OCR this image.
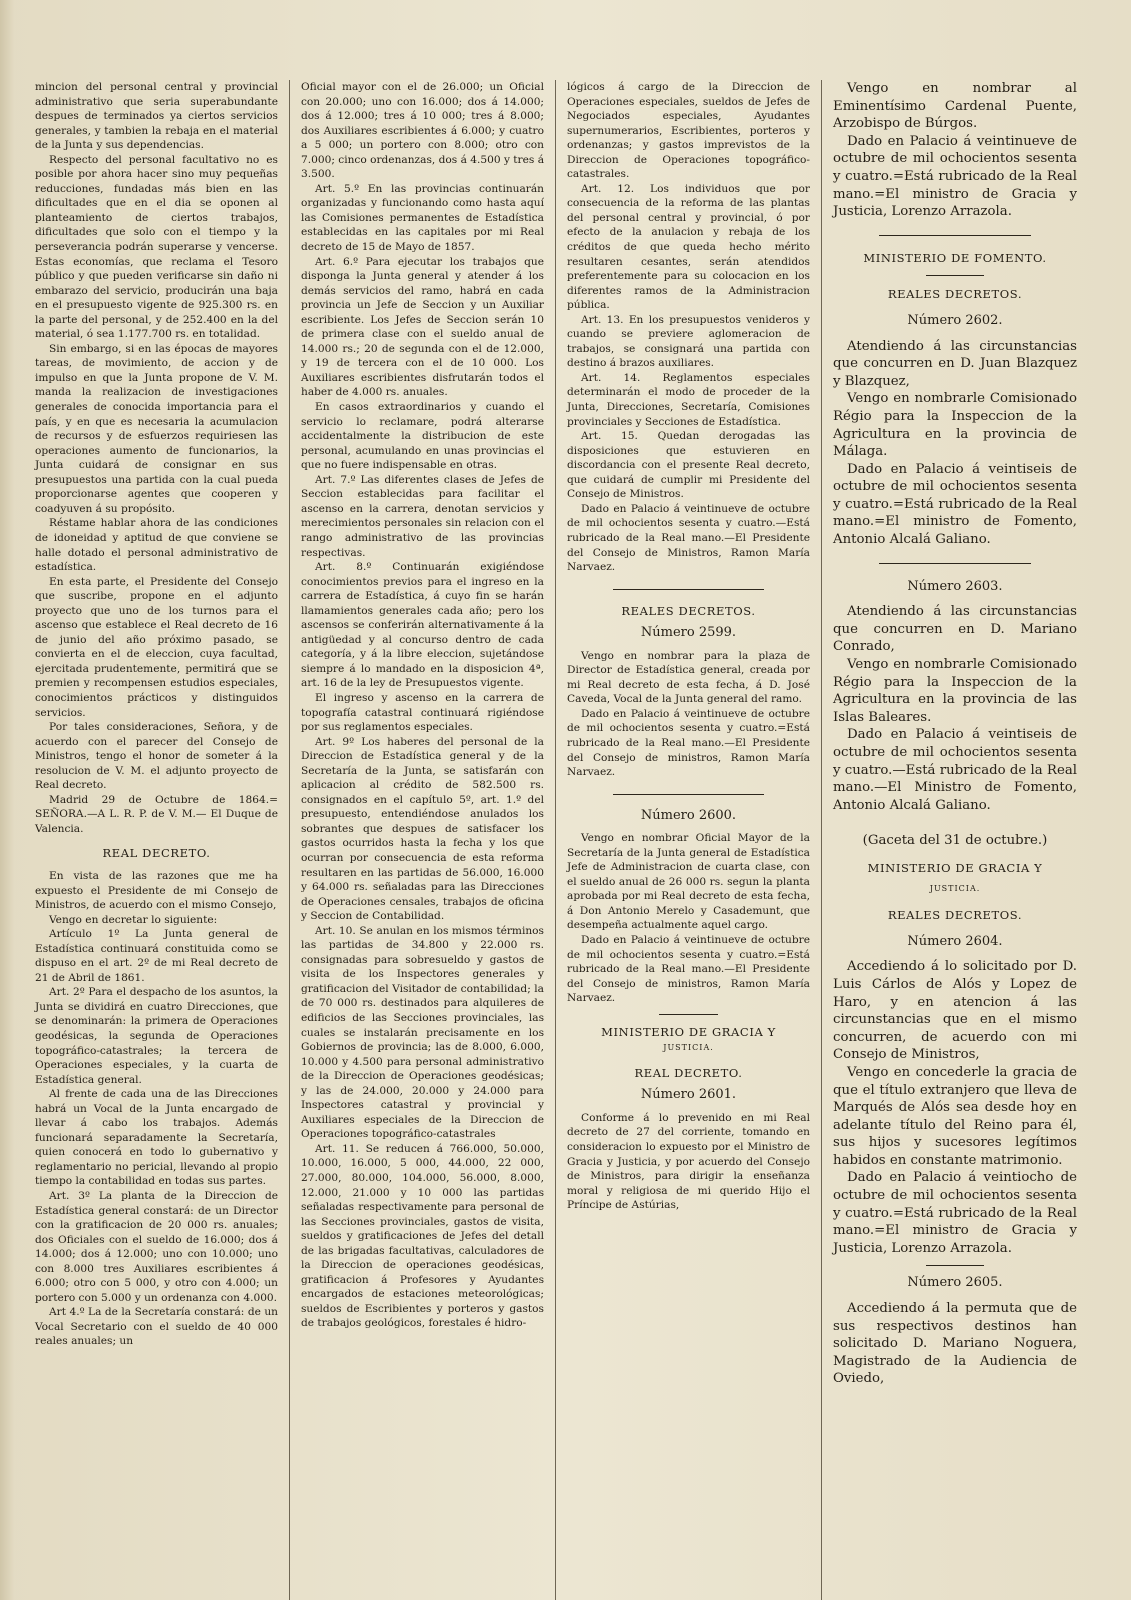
mincion del personal central y provincial administrativo que seria superabundante despues de terminados ya ciertos servicios generales, y tambien la rebaja en el material de la Junta y sus dependencias.

Respecto del personal facultativo no es posible por ahora hacer sino muy pequeñas reducciones, fundadas más bien en las dificultades que en el dia se oponen al planteamiento de ciertos trabajos, dificultades que solo con el tiempo y la perseverancia podrán superarse y vencerse. Estas economías, que reclama el Tesoro público y que pueden verificarse sin daño ni embarazo del servicio, producirán una baja en el presupuesto vigente de 925.300 rs. en la parte del personal, y de 252.400 en la del material, ó sea 1.177.700 rs. en totalidad.

Sin embargo, si en las épocas de mayores tareas, de movimiento, de accion y de impulso en que la Junta propone de V. M. manda la realizacion de investigaciones generales de conocida importancia para el país, y en que es necesaria la acumulacion de recursos y de esfuerzos requiriesen las operaciones aumento de funcionarios, la Junta cuidará de consignar en sus presupuestos una partida con la cual pueda proporcionarse agentes que cooperen y coadyuven á su propósito.

Réstame hablar ahora de las condiciones de idoneidad y aptitud de que conviene se halle dotado el personal administrativo de estadística.

En esta parte, el Presidente del Consejo que suscribe, propone en el adjunto proyecto que uno de los turnos para el ascenso que establece el Real decreto de 16 de junio del año próximo pasado, se convierta en el de eleccion, cuya facultad, ejercitada prudentemente, permitirá que se premien y recompensen estudios especiales, conocimientos prácticos y distinguidos servicios.

Por tales consideraciones, Señora, y de acuerdo con el parecer del Consejo de Ministros, tengo el honor de someter á la resolucion de V. M. el adjunto proyecto de Real decreto.

Madrid 29 de Octubre de 1864.= SEÑORA.—A L. R. P. de V. M.— El Duque de Valencia.

REAL DECRETO.

En vista de las razones que me ha expuesto el Presidente de mi Consejo de Ministros, de acuerdo con el mismo Consejo,

Vengo en decretar lo siguiente:

Artículo 1º La Junta general de Estadística continuará constituida como se dispuso en el art. 2º de mi Real decreto de 21 de Abril de 1861.

Art. 2º Para el despacho de los asuntos, la Junta se dividirá en cuatro Direcciones, que se denominarán: la primera de Operaciones geodésicas, la segunda de Operaciones topográfico-catastrales; la tercera de Operaciones especiales, y la cuarta de Estadística general.

Al frente de cada una de las Direcciones habrá un Vocal de la Junta encargado de llevar á cabo los trabajos. Además funcionará separadamente la Secretaría, quien conocerá en todo lo gubernativo y reglamentario no pericial, llevando al propio tiempo la contabilidad en todas sus partes.

Art. 3º La planta de la Direccion de Estadística general constará: de un Director con la gratificacion de 20 000 rs. anuales; dos Oficiales con el sueldo de 16.000; dos á 14.000; dos á 12.000; uno con 10.000; uno con 8.000 tres Auxiliares escribientes á 6.000; otro con 5 000, y otro con 4.000; un portero con 5.000 y un ordenanza con 4.000.

Art 4.º La de la Secretaría constará: de un Vocal Secretario con el sueldo de 40 000 reales anuales; un

Oficial mayor con el de 26.000; un Oficial con 20.000; uno con 16.000; dos á 14.000; dos á 12.000; tres á 10 000; tres á 8.000; dos Auxiliares escribientes á 6.000; y cuatro a 5 000; un portero con 8.000; otro con 7.000; cinco ordenanzas, dos á 4.500 y tres á 3.500.

Art. 5.º En las provincias continuarán organizadas y funcionando como hasta aquí las Comisiones permanentes de Estadística establecidas en las capitales por mi Real decreto de 15 de Mayo de 1857.

Art. 6.º Para ejecutar los trabajos que disponga la Junta general y atender á los demás servicios del ramo, habrá en cada provincia un Jefe de Seccion y un Auxiliar escribiente. Los Jefes de Seccion serán 10 de primera clase con el sueldo anual de 14.000 rs.; 20 de segunda con el de 12.000, y 19 de tercera con el de 10 000. Los Auxiliares escribientes disfrutarán todos el haber de 4.000 rs. anuales.

En casos extraordinarios y cuando el servicio lo reclamare, podrá alterarse accidentalmente la distribucion de este personal, acumulando en unas provincias el que no fuere indispensable en otras.

Art. 7.º Las diferentes clases de Jefes de Seccion establecidas para facilitar el ascenso en la carrera, denotan servicios y merecimientos personales sin relacion con el rango administrativo de las provincias respectivas.

Art. 8.º Continuarán exigiéndose conocimientos previos para el ingreso en la carrera de Estadística, á cuyo fin se harán llamamientos generales cada año; pero los ascensos se conferirán alternativamente á la antigüedad y al concurso dentro de cada categoría, y á la libre eleccion, sujetándose siempre á lo mandado en la disposicion 4ª, art. 16 de la ley de Presupuestos vigente.

El ingreso y ascenso en la carrera de topografía catastral continuará rigiéndose por sus reglamentos especiales.

Art. 9º Los haberes del personal de la Direccion de Estadística general y de la Secretaría de la Junta, se satisfarán con aplicacion al crédito de 582.500 rs. consignados en el capítulo 5º, art. 1.º del presupuesto, entendiéndose anulados los sobrantes que despues de satisfacer los gastos ocurridos hasta la fecha y los que ocurran por consecuencia de esta reforma resultaren en las partidas de 56.000, 16.000 y 64.000 rs. señaladas para las Direcciones de Operaciones censales, trabajos de oficina y Seccion de Contabilidad.

Art. 10. Se anulan en los mismos términos las partidas de 34.800 y 22.000 rs. consignadas para sobresueldo y gastos de visita de los Inspectores generales y gratificacion del Visitador de contabilidad; la de 70 000 rs. destinados para alquileres de edificios de las Secciones provinciales, las cuales se instalarán precisamente en los Gobiernos de provincia; las de 8.000, 6.000, 10.000 y 4.500 para personal administrativo de la Direccion de Operaciones geodésicas; y las de 24.000, 20.000 y 24.000 para Inspectores catastral y provincial y Auxiliares especiales de la Direccion de Operaciones topográfico-catastrales

Art. 11. Se reducen á 766.000, 50.000, 10.000, 16.000, 5 000, 44.000, 22 000, 27.000, 80.000, 104.000, 56.000, 8.000, 12.000, 21.000 y 10 000 las partidas señaladas respectivamente para personal de las Secciones provinciales, gastos de visita, sueldos y gratificaciones de Jefes del detall de las brigadas facultativas, calculadores de la Direccion de operaciones geodésicas, gratificacion á Profesores y Ayudantes encargados de estaciones meteorológicas; sueldos de Escribientes y porteros y gastos de trabajos geológicos, forestales é hidro-

lógicos á cargo de la Direccion de Operaciones especiales, sueldos de Jefes de Negociados especiales, Ayudantes supernumerarios, Escribientes, porteros y ordenanzas; y gastos imprevistos de la Direccion de Operaciones topográfico-catastrales.

Art. 12. Los individuos que por consecuencia de la reforma de las plantas del personal central y provincial, ó por efecto de la anulacion y rebaja de los créditos de que queda hecho mérito resultaren cesantes, serán atendidos preferentemente para su colocacion en los diferentes ramos de la Administracion pública.

Art. 13. En los presupuestos venideros y cuando se previere aglomeracion de trabajos, se consignará una partida con destino á brazos auxiliares.

Art. 14. Reglamentos especiales determinarán el modo de proceder de la Junta, Direcciones, Secretaría, Comisiones provinciales y Secciones de Estadística.

Art. 15. Quedan derogadas las disposiciones que estuvieren en discordancia con el presente Real decreto, que cuidará de cumplir mi Presidente del Consejo de Ministros.

Dado en Palacio á veintinueve de octubre de mil ochocientos sesenta y cuatro.—Está rubricado de la Real mano.—El Presidente del Consejo de Ministros, Ramon María Narvaez.

REALES DECRETOS.
Número 2599.

Vengo en nombrar para la plaza de Director de Estadística general, creada por mi Real decreto de esta fecha, á D. José Caveda, Vocal de la Junta general del ramo.

Dado en Palacio á veintinueve de octubre de mil ochocientos sesenta y cuatro.=Está rubricado de la Real mano.—El Presidente del Consejo de ministros, Ramon María Narvaez.

Número 2600.

Vengo en nombrar Oficial Mayor de la Secretaría de la Junta general de Estadística Jefe de Administracion de cuarta clase, con el sueldo anual de 26 000 rs. segun la planta aprobada por mi Real decreto de esta fecha, á Don Antonio Merelo y Casademunt, que desempeña actualmente aquel cargo.

Dado en Palacio á veintinueve de octubre de mil ochocientos sesenta y cuatro.=Está rubricado de la Real mano.—El Presidente del Consejo de ministros, Ramon María Narvaez.

MINISTERIO DE GRACIA Y
JUSTICIA.
REAL DECRETO.
Número 2601.

Conforme á lo prevenido en mi Real decreto de 27 del corriente, tomando en consideracion lo expuesto por el Ministro de Gracia y Justicia, y por acuerdo del Consejo de Ministros, para dirigir la enseñanza moral y religiosa de mi querido Hijo el Príncipe de Astúrias,

Vengo en nombrar al Eminentísimo Cardenal Puente, Arzobispo de Búrgos.

Dado en Palacio á veintinueve de octubre de mil ochocientos sesenta y cuatro.=Está rubricado de la Real mano.=El ministro de Gracia y Justicia, Lorenzo Arrazola.

MINISTERIO DE FOMENTO.
REALES DECRETOS.
Número 2602.

Atendiendo á las circunstancias que concurren en D. Juan Blazquez y Blazquez,

Vengo en nombrarle Comisionado Régio para la Inspeccion de la Agricultura en la provincia de Málaga.

Dado en Palacio á veintiseis de octubre de mil ochocientos sesenta y cuatro.=Está rubricado de la Real mano.=El ministro de Fomento, Antonio Alcalá Galiano.

Número 2603.

Atendiendo á las circunstancias que concurren en D. Mariano Conrado,

Vengo en nombrarle Comisionado Régio para la Inspeccion de la Agricultura en la provincia de las Islas Baleares.

Dado en Palacio á veintiseis de octubre de mil ochocientos sesenta y cuatro.—Está rubricado de la Real mano.—El Ministro de Fomento, Antonio Alcalá Galiano.

(Gaceta del 31 de octubre.)
MINISTERIO DE GRACIA Y
JUSTICIA.
REALES DECRETOS.
Número 2604.

Accediendo á lo solicitado por D. Luis Cárlos de Alós y Lopez de Haro, y en atencion á las circunstancias que en el mismo concurren, de acuerdo con mi Consejo de Ministros,

Vengo en concederle la gracia de que el título extranjero que lleva de Marqués de Alós sea desde hoy en adelante título del Reino para él, sus hijos y sucesores legítimos habidos en constante matrimonio.

Dado en Palacio á veintiocho de octubre de mil ochocientos sesenta y cuatro.=Está rubricado de la Real mano.=El ministro de Gracia y Justicia, Lorenzo Arrazola.

Número 2605.

Accediendo á la permuta que de sus respectivos destinos han solicitado D. Mariano Noguera, Magistrado de la Audiencia de Oviedo,
